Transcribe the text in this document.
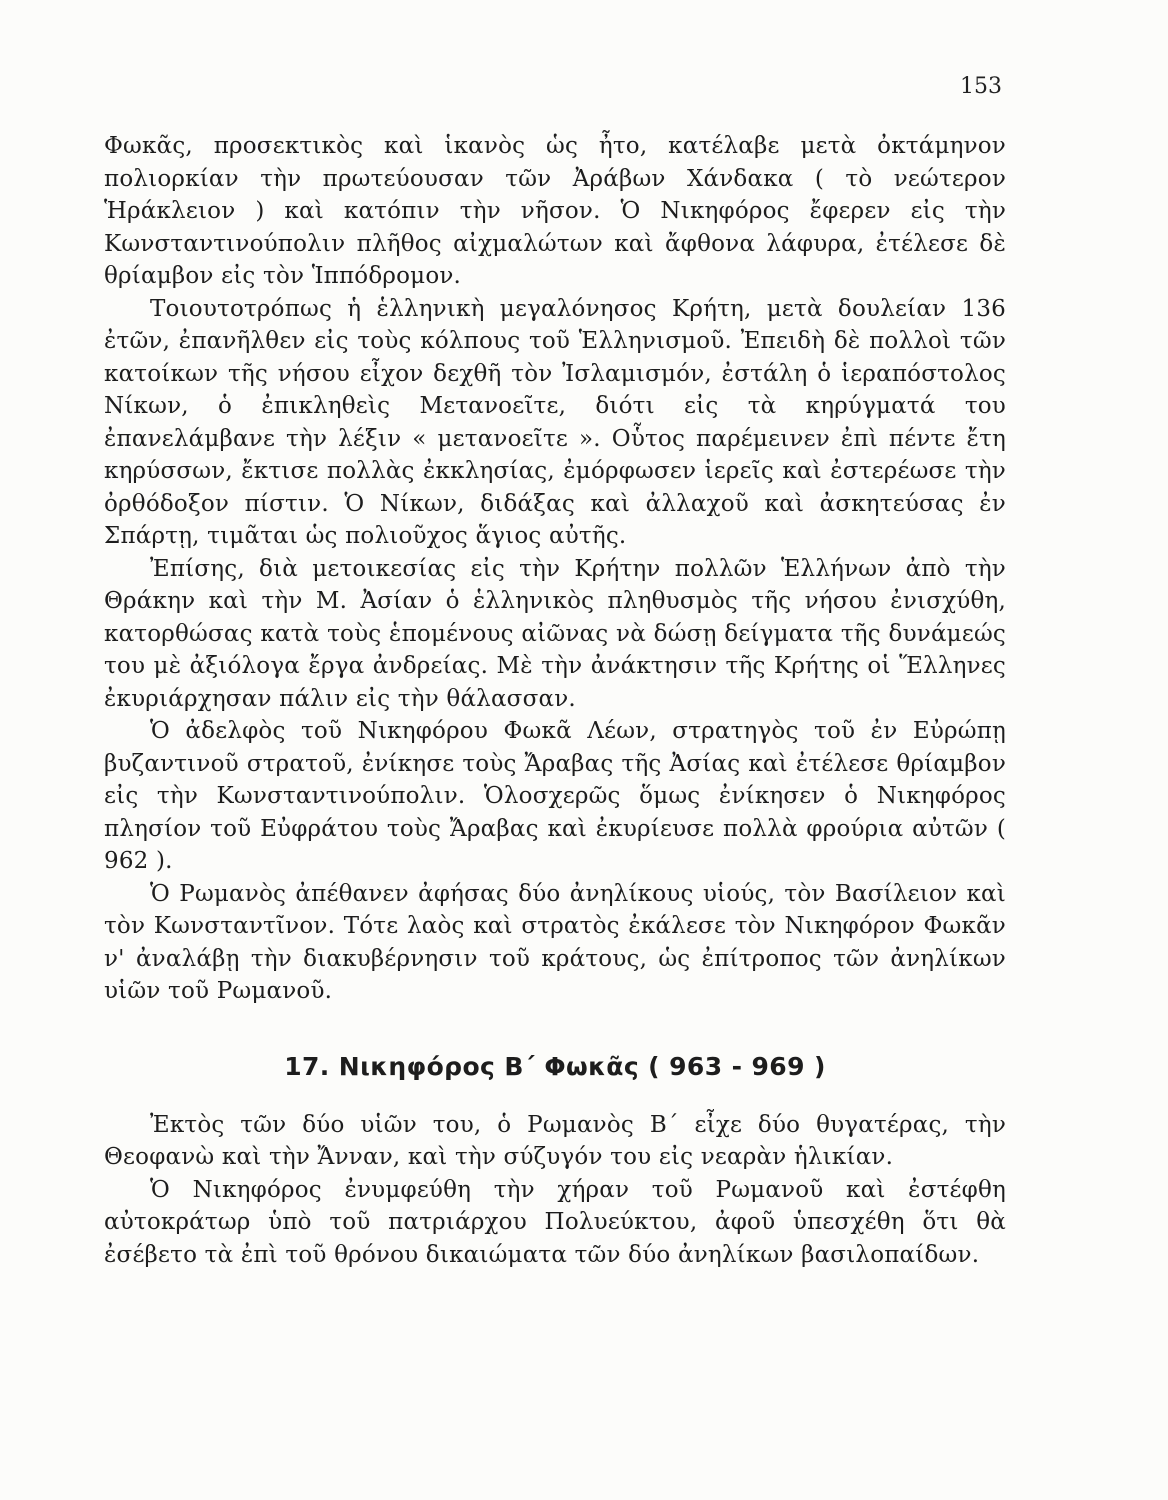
153

Φωκᾶς, προσεκτικὸς καὶ ἱκανὸς ὡς ἦτο, κατέλαβε μετὰ ὀκτάμηνον πολιορκίαν τὴν πρωτεύουσαν τῶν Ἀράβων Χάνδακα ( τὸ νεώτερον Ἡράκλειον ) καὶ κατόπιν τὴν νῆσον. Ὁ Νικηφόρος ἔφερεν εἰς τὴν Κωνσταντινούπολιν πλῆθος αἰχμαλώτων καὶ ἄφθονα λάφυρα, ἐτέλεσε δὲ θρίαμβον εἰς τὸν Ἱππόδρομον.

Τοιουτοτρόπως ἡ ἑλληνικὴ μεγαλόνησος Κρήτη, μετὰ δουλείαν 136 ἐτῶν, ἐπανῆλθεν εἰς τοὺς κόλπους τοῦ Ἑλληνισμοῦ. Ἐπειδὴ δὲ πολλοὶ τῶν κατοίκων τῆς νήσου εἶχον δεχθῆ τὸν Ἰσλαμισμόν, ἐστάλη ὁ ἱεραπόστολος Νίκων, ὁ ἐπικληθεὶς Μετανοεῖτε, διότι εἰς τὰ κηρύγματά του ἐπανελάμβανε τὴν λέξιν « μετανοεῖτε ». Οὗτος παρέμεινεν ἐπὶ πέντε ἔτη κηρύσσων, ἔκτισε πολλὰς ἐκκλησίας, ἐμόρφωσεν ἱερεῖς καὶ ἐστερέωσε τὴν ὀρθόδοξον πίστιν. Ὁ Νίκων, διδάξας καὶ ἀλλαχοῦ καὶ ἀσκητεύσας ἐν Σπάρτῃ, τιμᾶται ὡς πολιοῦχος ἅγιος αὐτῆς.

Ἐπίσης, διὰ μετοικεσίας εἰς τὴν Κρήτην πολλῶν Ἑλλήνων ἀπὸ τὴν Θράκην καὶ τὴν Μ. Ἀσίαν ὁ ἑλληνικὸς πληθυσμὸς τῆς νήσου ἐνισχύθη, κατορθώσας κατὰ τοὺς ἑπομένους αἰῶνας νὰ δώσῃ δείγματα τῆς δυνάμεώς του μὲ ἀξιόλογα ἔργα ἀνδρείας. Μὲ τὴν ἀνάκτησιν τῆς Κρήτης οἱ Ἕλληνες ἐκυριάρχησαν πάλιν εἰς τὴν θάλασσαν.

Ὁ ἀδελφὸς τοῦ Νικηφόρου Φωκᾶ Λέων, στρατηγὸς τοῦ ἐν Εὐρώπῃ βυζαντινοῦ στρατοῦ, ἐνίκησε τοὺς Ἄραβας τῆς Ἀσίας καὶ ἐτέλεσε θρίαμβον εἰς τὴν Κωνσταντινούπολιν. Ὁλοσχερῶς ὅμως ἐνίκησεν ὁ Νικηφόρος πλησίον τοῦ Εὐφράτου τοὺς Ἄραβας καὶ ἐκυρίευσε πολλὰ φρούρια αὐτῶν ( 962 ).

Ὁ Ρωμανὸς ἀπέθανεν ἀφήσας δύο ἀνηλίκους υἱούς, τὸν Βασίλειον καὶ τὸν Κωνσταντῖνον. Τότε λαὸς καὶ στρατὸς ἐκάλεσε τὸν Νικηφόρον Φωκᾶν ν' ἀναλάβῃ τὴν διακυβέρνησιν τοῦ κράτους, ὡς ἐπίτροπος τῶν ἀνηλίκων υἱῶν τοῦ Ρωμανοῦ.

17. Νικηφόρος Β΄ Φωκᾶς ( 963 - 969 )

Ἐκτὸς τῶν δύο υἱῶν του, ὁ Ρωμανὸς Β΄ εἶχε δύο θυγατέρας, τὴν Θεοφανὼ καὶ τὴν Ἄνναν, καὶ τὴν σύζυγόν του εἰς νεαρὰν ἡλικίαν.

Ὁ Νικηφόρος ἐνυμφεύθη τὴν χήραν τοῦ Ρωμανοῦ καὶ ἐστέφθη αὐτοκράτωρ ὑπὸ τοῦ πατριάρχου Πολυεύκτου, ἀφοῦ ὑπεσχέθη ὅτι θὰ ἐσέβετο τὰ ἐπὶ τοῦ θρόνου δικαιώματα τῶν δύο ἀνηλίκων βασιλοπαίδων.
